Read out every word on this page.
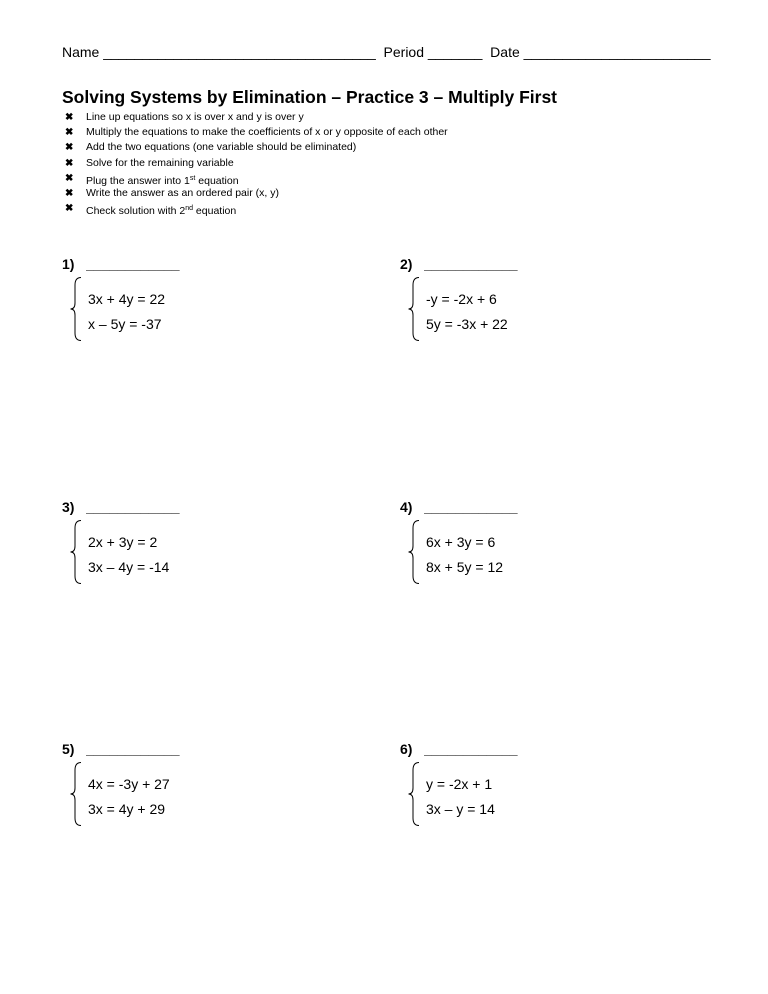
Name ___________________________________  Period _______  Date ________________________
Solving Systems by Elimination – Practice 3 – Multiply First
✖ Line up equations so x is over x and y is over y
✖ Multiply the equations to make the coefficients of x or y opposite of each other
✖ Add the two equations (one variable should be eliminated)
✖ Solve for the remaining variable
✖ Plug the answer into 1st equation
✖ Write the answer as an ordered pair (x, y)
✖ Check solution with 2nd equation
1)   ____________
3x + 4y = 22
x – 5y = -37
2)   ____________
-y = -2x + 6
5y = -3x + 22
3)   ____________
2x + 3y = 2
3x – 4y = -14
4)   ____________
6x + 3y = 6
8x + 5y = 12
5)   ____________
4x = -3y + 27
3x = 4y + 29
6)   ____________
y = -2x + 1
3x – y = 14
